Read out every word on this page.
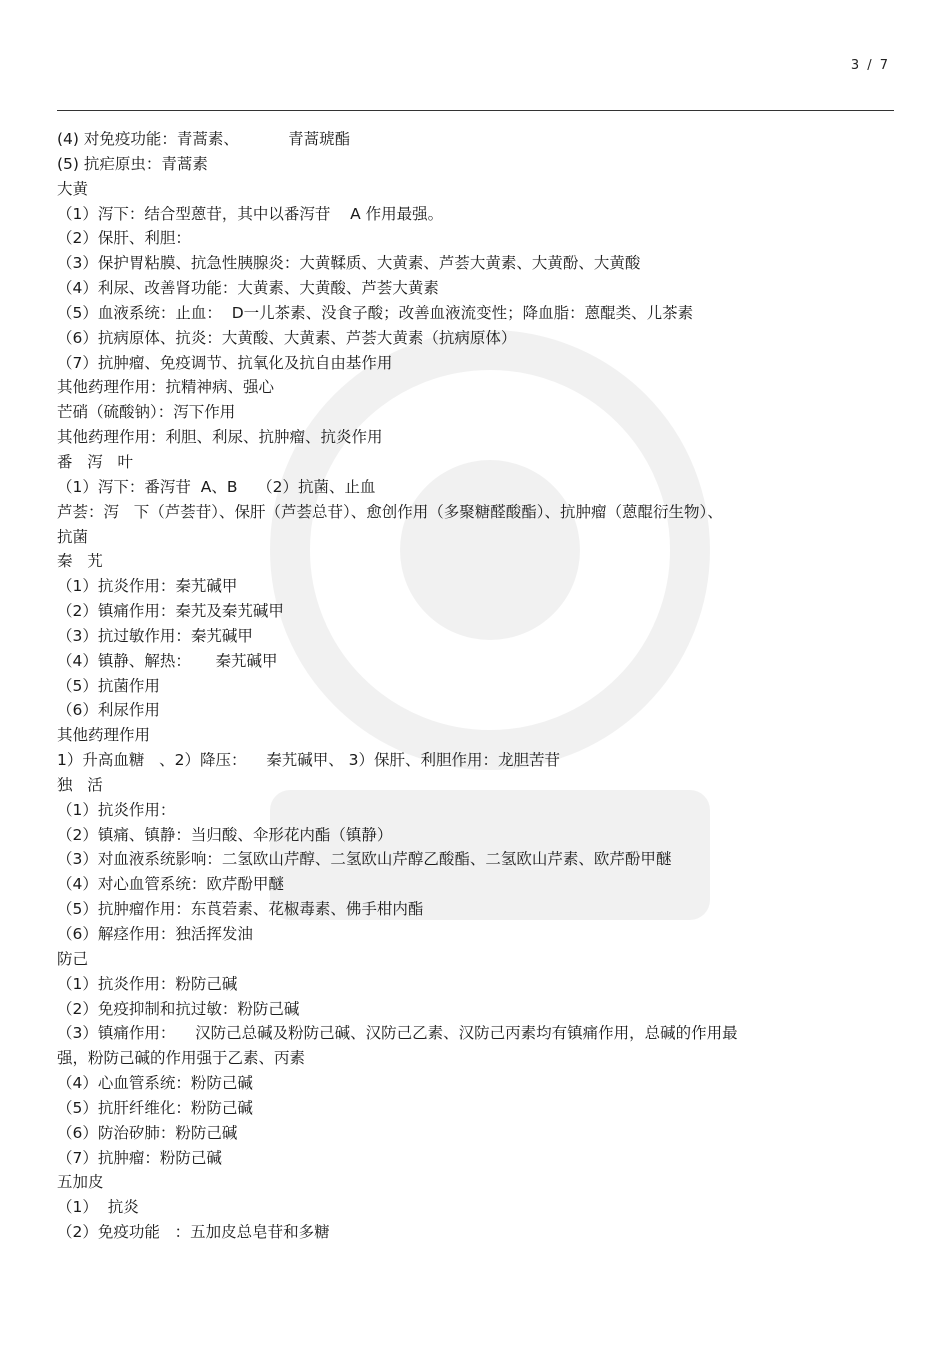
3 / 7
(4) 对免疫功能：青蒿素、          青蒿琥酯
(5) 抗疟原虫：青蒿素
大黄
（1）泻下：结合型蒽苷，其中以番泻苷    A 作用最强。
（2）保肝、利胆：
（3）保护胃粘膜、抗急性胰腺炎：大黄鞣质、大黄素、芦荟大黄素、大黄酚、大黄酸
（4）利尿、改善肾功能：大黄素、大黄酸、芦荟大黄素
（5）血液系统：止血：  D一儿茶素、没食子酸；改善血液流变性；降血脂：蒽醌类、儿茶素
（6）抗病原体、抗炎：大黄酸、大黄素、芦荟大黄素（抗病原体）
（7）抗肿瘤、免疫调节、抗氧化及抗自由基作用
其他药理作用：抗精神病、强心
芒硝（硫酸钠）：泻下作用
其他药理作用：利胆、利尿、抗肿瘤、抗炎作用
番   泻   叶
（1）泻下：番泻苷  A、B    （2）抗菌、止血
芦荟：泻   下（芦荟苷）、保肝（芦荟总苷）、愈创作用（多聚糖醛酸酯）、抗肿瘤（蒽醌衍生物）、
抗菌
秦   艽
（1）抗炎作用：秦艽碱甲
（2）镇痛作用：秦艽及秦艽碱甲
（3）抗过敏作用：秦艽碱甲
（4）镇静、解热：     秦艽碱甲
（5）抗菌作用
（6）利尿作用
其他药理作用
1）升高血糖   、2）降压：    秦艽碱甲、 3）保肝、利胆作用：龙胆苦苷
独   活
（1）抗炎作用：
（2）镇痛、镇静：当归酸、伞形花内酯（镇静）
（3）对血液系统影响：二氢欧山芹醇、二氢欧山芹醇乙酸酯、二氢欧山芹素、欧芹酚甲醚
（4）对心血管系统：欧芹酚甲醚
（5）抗肿瘤作用：东莨菪素、花椒毒素、佛手柑内酯
（6）解痉作用：独活挥发油
防己
（1）抗炎作用：粉防己碱
（2）免疫抑制和抗过敏：粉防己碱
（3）镇痛作用：    汉防己总碱及粉防己碱、汉防己乙素、汉防己丙素均有镇痛作用，总碱的作用最
强，粉防己碱的作用强于乙素、丙素
（4）心血管系统：粉防己碱
（5）抗肝纤维化：粉防己碱
（6）防治矽肺：粉防己碱
（7）抗肿瘤：粉防己碱
五加皮
（1）  抗炎
（2）免疫功能   ：五加皮总皂苷和多糖
